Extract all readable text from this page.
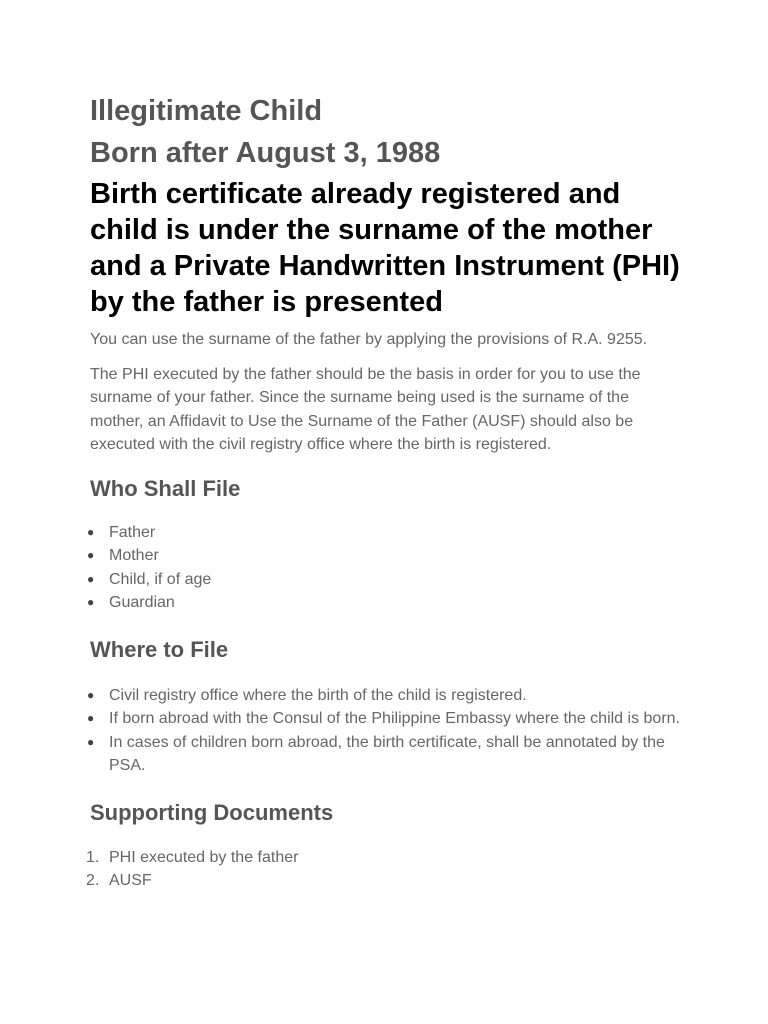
Illegitimate Child
Born after August 3, 1988
Birth certificate already registered and child is under the surname of the mother and a Private Handwritten Instrument (PHI) by the father is presented

You can use the surname of the father by applying the provisions of R.A. 9255.

The PHI executed by the father should be the basis in order for you to use the surname of your father. Since the surname being used is the surname of the mother, an Affidavit to Use the Surname of the Father (AUSF) should also be executed with the civil registry office where the birth is registered.

Who Shall File
● Father
● Mother
● Child, if of age
● Guardian
Where to File
● Civil registry office where the birth of the child is registered.
● If born abroad with the Consul of the Philippine Embassy where the child is born.
● In cases of children born abroad, the birth certificate, shall be annotated by the PSA.
Supporting Documents
1. PHI executed by the father
2. AUSF
